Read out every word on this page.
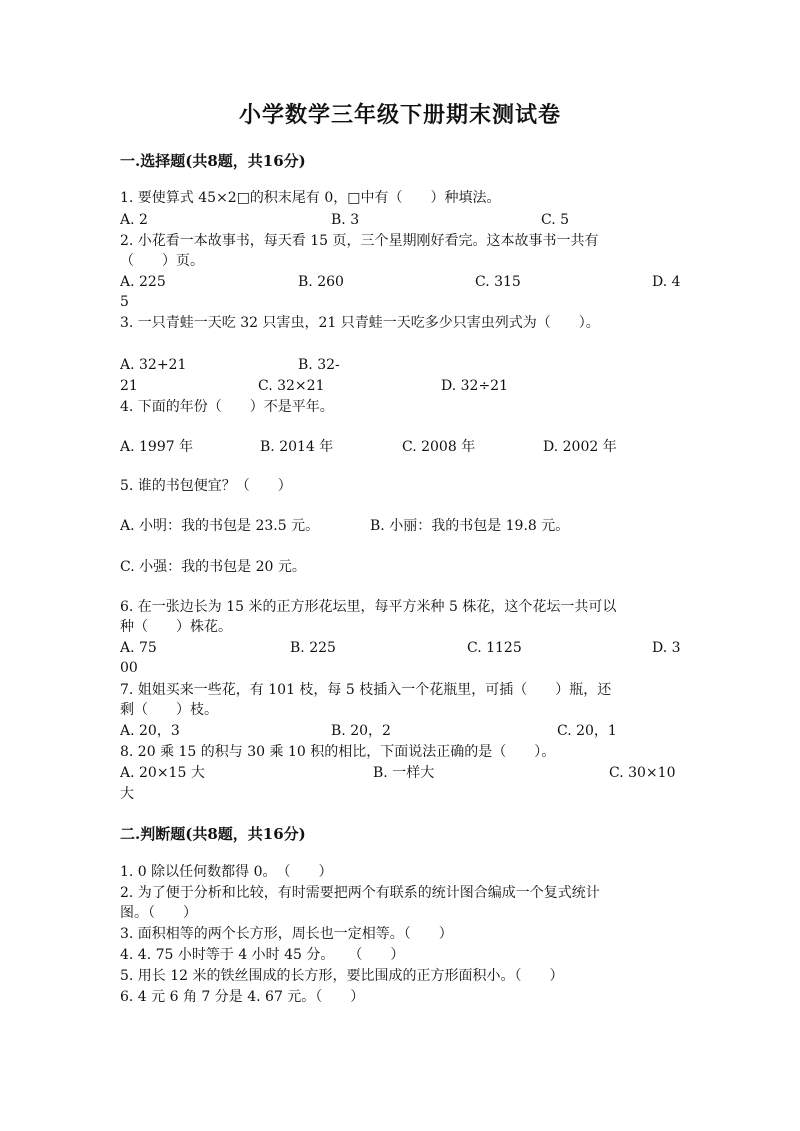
小学数学三年级下册期末测试卷
一.选择题(共8题，共16分)
1. 要使算式 45×2□的积末尾有 0，□中有（　　）种填法。
A. 2	B. 3	C. 5
2. 小花看一本故事书，每天看 15 页，三个星期刚好看完。这本故事书一共有
（　　）页。
A. 225	B. 260	C. 315	D. 4
5
3. 一只青蛙一天吃 32 只害虫，21 只青蛙一天吃多少只害虫列式为（　　）。
A. 32+21	B. 32-
21	C. 32×21	D. 32÷21
4. 下面的年份（　　）不是平年。
A. 1997 年	B. 2014 年	C. 2008 年	D. 2002 年
5. 谁的书包便宜？（　　）
A. 小明：我的书包是 23.5 元。	B. 小丽：我的书包是 19.8 元。
C. 小强：我的书包是 20 元。
6. 在一张边长为 15 米的正方形花坛里，每平方米种 5 株花，这个花坛一共可以
种（　　）株花。
A. 75	B. 225	C. 1125	D. 3
00
7. 姐姐买来一些花，有 101 枝，每 5 枝插入一个花瓶里，可插（　　）瓶，还
剩（　　）枝。
A. 20，3	B. 20，2	C. 20，1
8. 20 乘 15 的积与 30 乘 10 积的相比，下面说法正确的是（　　）。
A. 20×15 大	B. 一样大	C. 30×10
大
二.判断题(共8题，共16分)
1. 0 除以任何数都得 0。　（　　）
2. 为了便于分析和比较，有时需要把两个有联系的统计图合编成一个复式统计
图。（　　）
3. 面积相等的两个长方形，周长也一定相等。（　　）
4. 4. 75 小时等于 4 小时 45 分。　　（　　）
5. 用长 12 米的铁丝围成的长方形，要比围成的正方形面积小。（　　）
6. 4 元 6 角 7 分是 4. 67 元。（　　）
